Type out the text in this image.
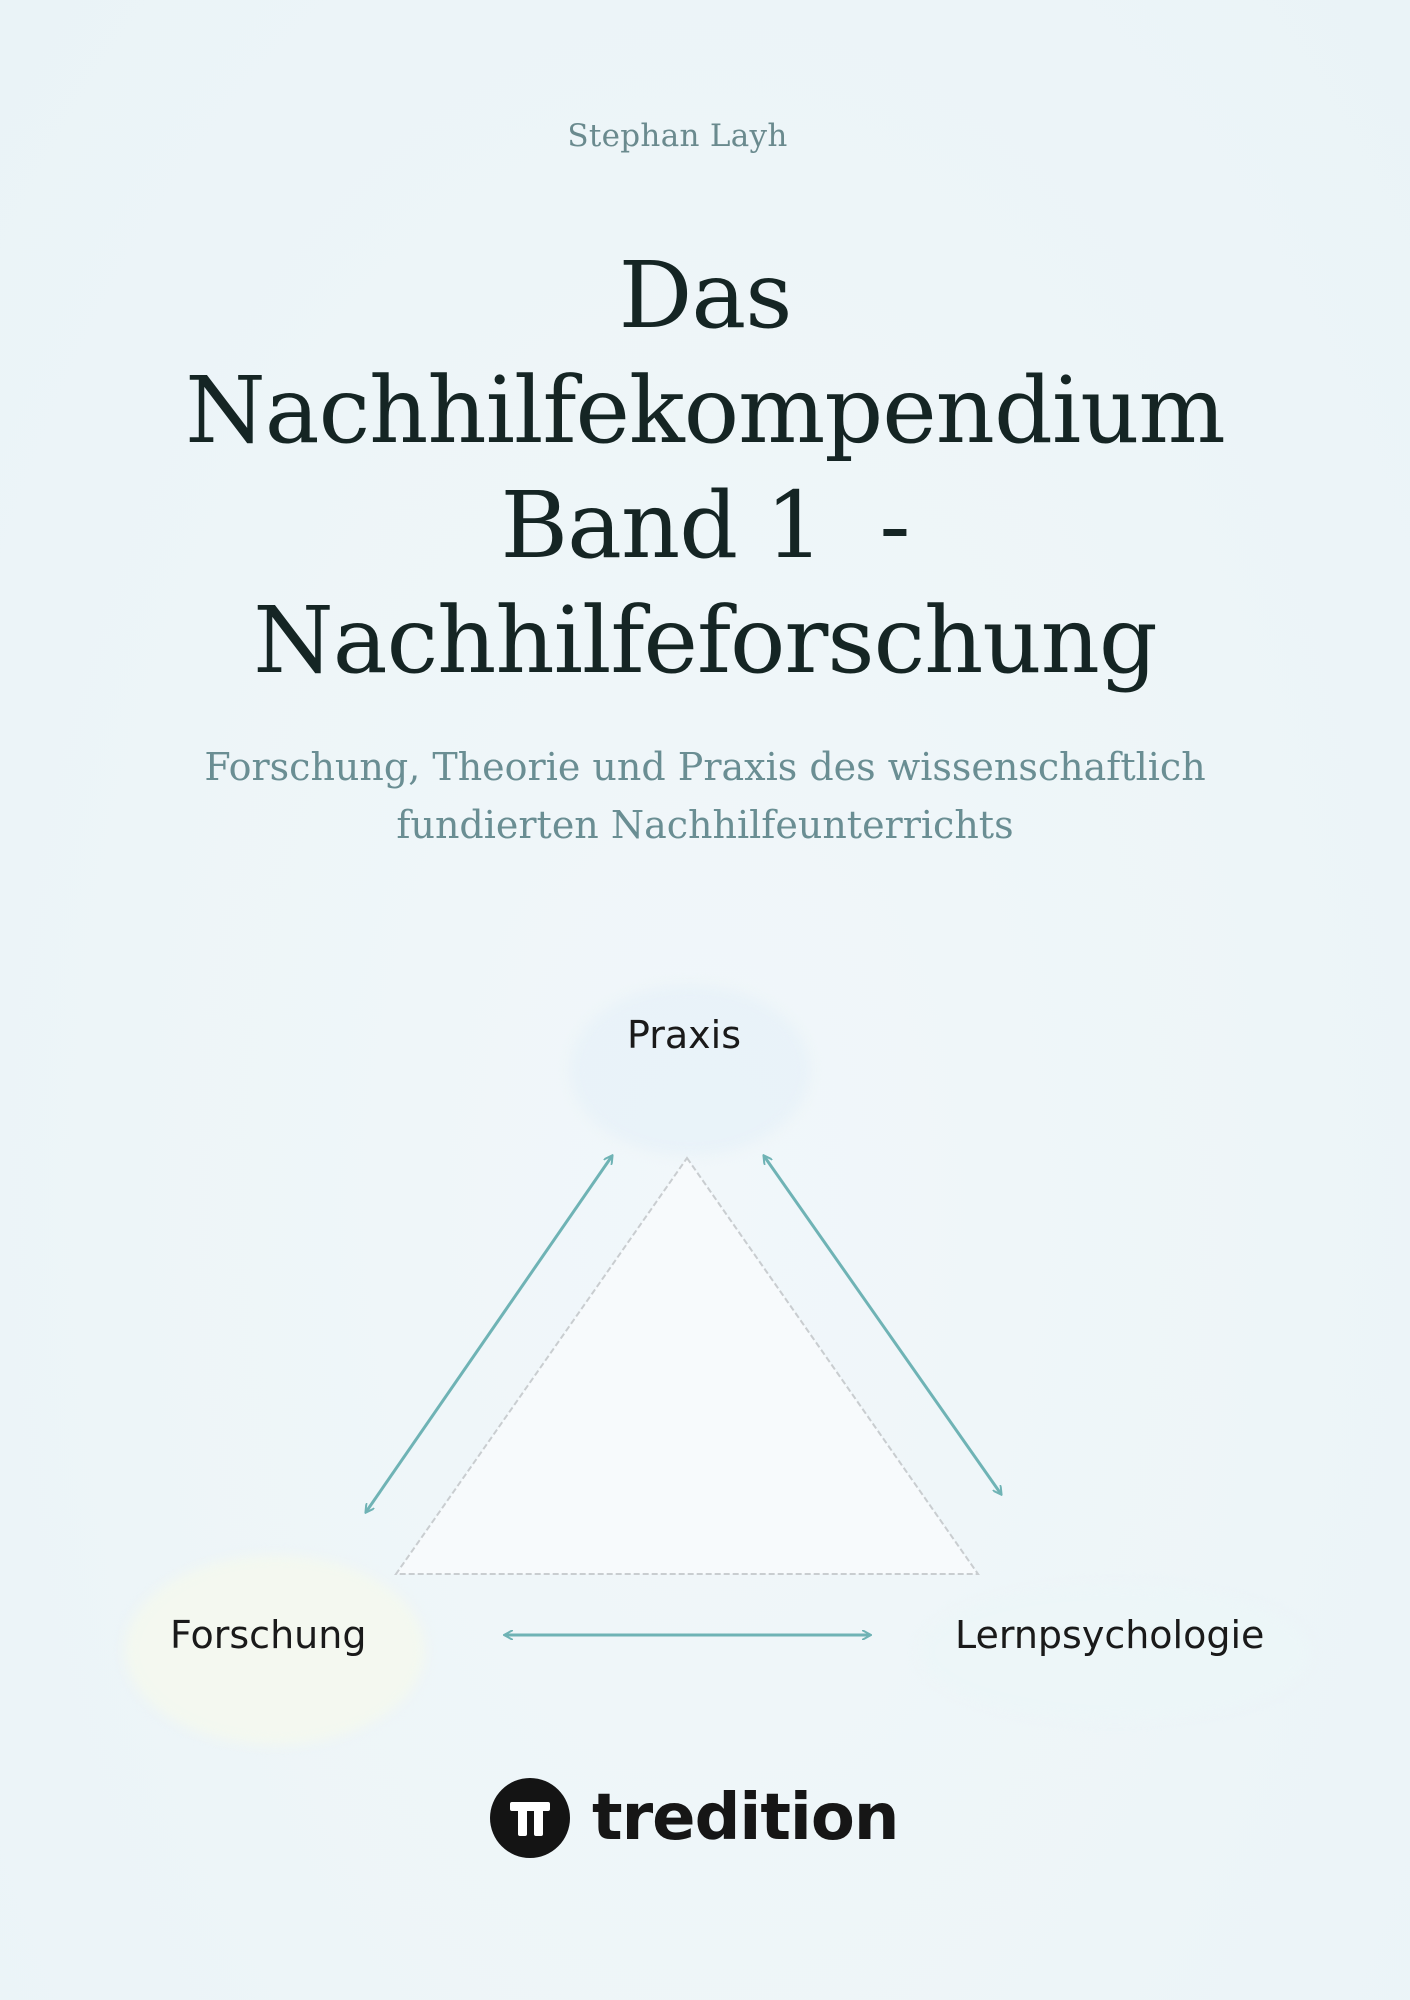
Stephan Layh
Das
Nachhilfekompendium
Band 1  -
Nachhilfeforschung
Forschung, Theorie und Praxis des wissenschaftlich
fundierten Nachhilfeunterrichts
Praxis
Forschung	Lernpsychologie
tredition
